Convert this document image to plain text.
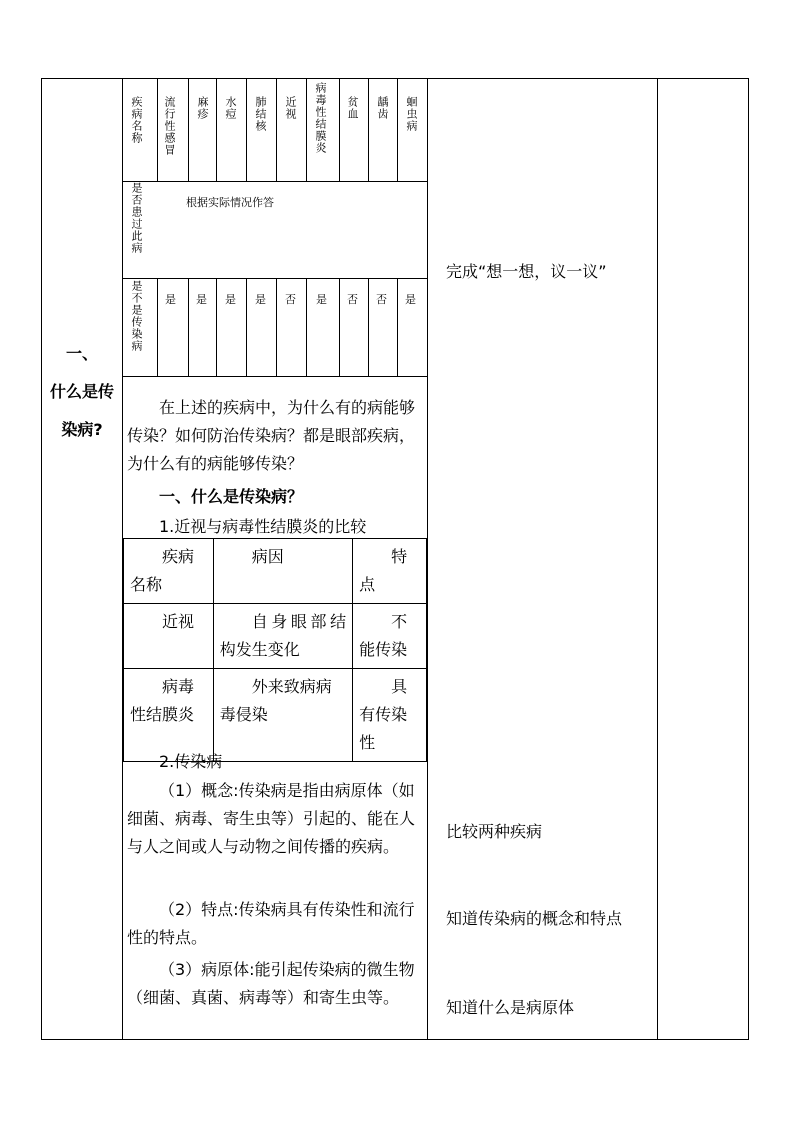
一、
什么是传
染病?
疾病名称 流行性感冒 麻疹 水痘 肺结核 近视 病毒性结膜炎 贫血 龋齿 蛔虫病
是否患过此病	根据实际情况作答
是不是传染病 是 是 是 是 否 是 否 否 是
在上述的疾病中，为什么有的病能够传染？如何防治传染病？都是眼部疾病，为什么有的病能够传染？
一、什么是传染病？
1.近视与病毒性结膜炎的比较
疾病名称	病因	特点
近视	自身眼部结构发生变化	不能传染
病毒性结膜炎	外来致病病毒侵染	具有传染性
2.传染病
（1）概念:传染病是指由病原体（如细菌、病毒、寄生虫等）引起的、能在人与人之间或人与动物之间传播的疾病。
（2）特点:传染病具有传染性和流行性的特点。
（3）病原体:能引起传染病的微生物（细菌、真菌、病毒等）和寄生虫等。
完成“想一想，议一议”
比较两种疾病
知道传染病的概念和特点
知道什么是病原体
